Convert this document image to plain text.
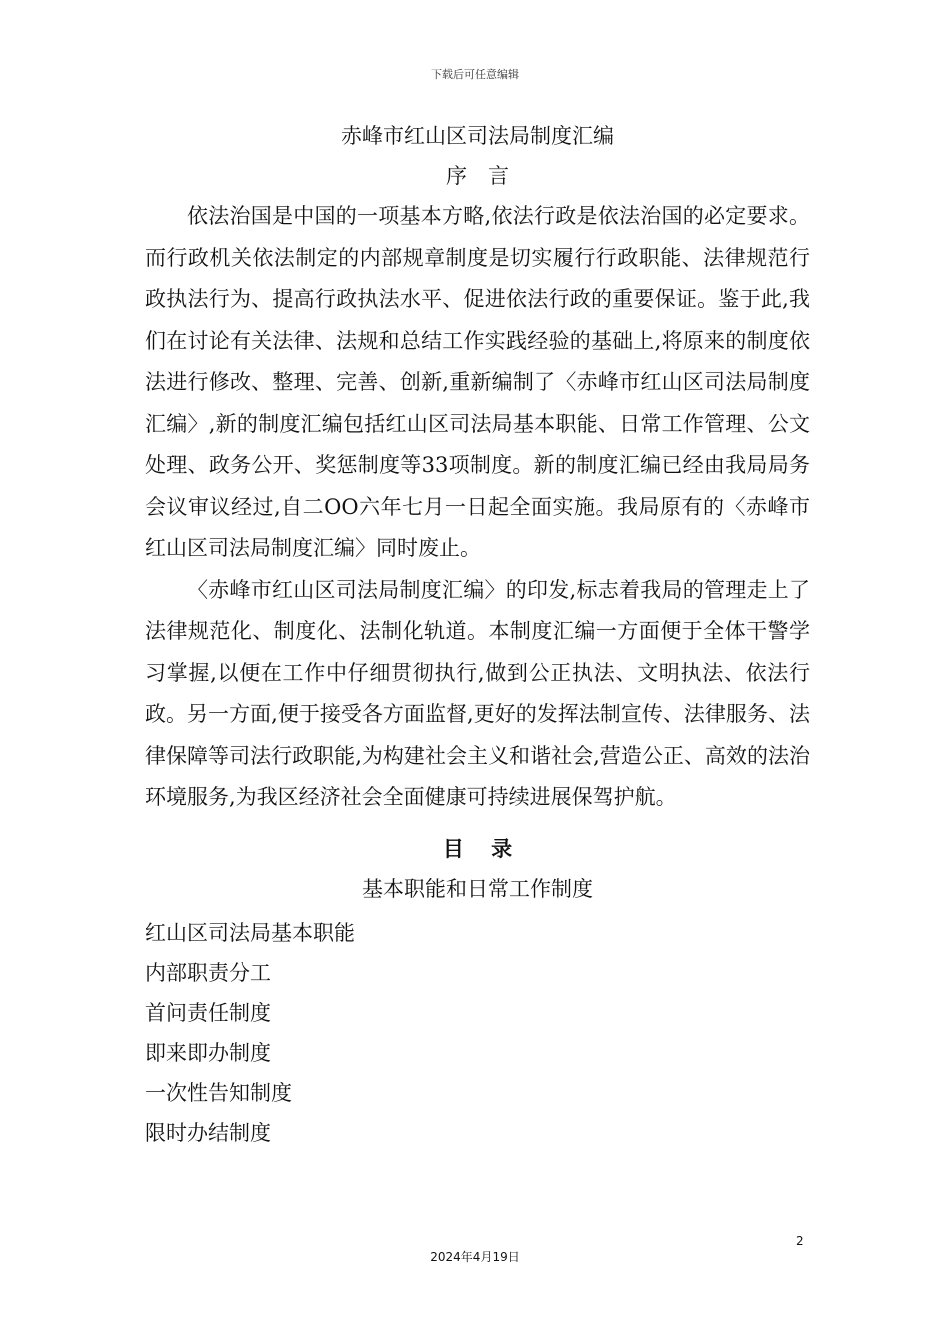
下载后可任意编辑
赤峰市红山区司法局制度汇编
序言

依法治国是中国的一项基本方略,依法行政是依法治国的必定要求。而行政机关依法制定的内部规章制度是切实履行行政职能、法律规范行政执法行为、提高行政执法水平、促进依法行政的重要保证。鉴于此,我们在讨论有关法律、法规和总结工作实践经验的基础上,将原来的制度依法进行修改、整理、完善、创新,重新编制了〈赤峰市红山区司法局制度汇编〉,新的制度汇编包括红山区司法局基本职能、日常工作管理、公文处理、政务公开、奖惩制度等33项制度。新的制度汇编已经由我局局务会议审议经过,自二OO六年七月一日起全面实施。我局原有的〈赤峰市红山区司法局制度汇编〉同时废止。

〈赤峰市红山区司法局制度汇编〉的印发,标志着我局的管理走上了法律规范化、制度化、法制化轨道。本制度汇编一方面便于全体干警学习掌握,以便在工作中仔细贯彻执行,做到公正执法、文明执法、依法行政。另一方面,便于接受各方面监督,更好的发挥法制宣传、法律服务、法律保障等司法行政职能,为构建社会主义和谐社会,营造公正、高效的法治环境服务,为我区经济社会全面健康可持续进展保驾护航。

目录
基本职能和日常工作制度
红山区司法局基本职能
内部职责分工
首问责任制度
即来即办制度
一次性告知制度
限时办结制度
2
2024年4月19日
